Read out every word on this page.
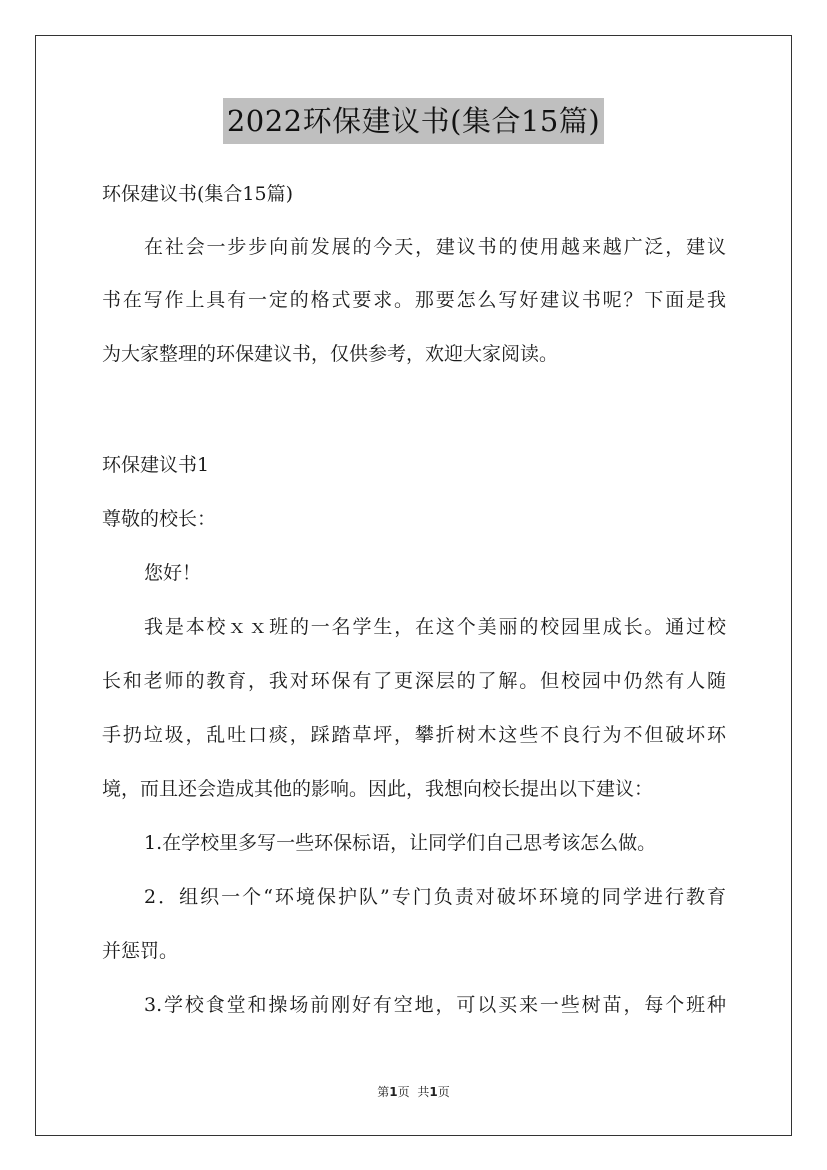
2022环保建议书(集合15篇)
环保建议书(集合15篇)
在社会一步步向前发展的今天，建议书的使用越来越广泛，建议
书在写作上具有一定的格式要求。那要怎么写好建议书呢？下面是我
为大家整理的环保建议书，仅供参考，欢迎大家阅读。
环保建议书1
尊敬的校长：
您好！
我是本校ｘｘ班的一名学生，在这个美丽的校园里成长。通过校
长和老师的教育，我对环保有了更深层的了解。但校园中仍然有人随
手扔垃圾，乱吐口痰，踩踏草坪，攀折树木这些不良行为不但破坏环
境，而且还会造成其他的影响。因此，我想向校长提出以下建议：
1.在学校里多写一些环保标语，让同学们自己思考该怎么做。
2．组织一个“环境保护队”专门负责对破坏环境的同学进行教育
并惩罚。
3.学校食堂和操场前刚好有空地，可以买来一些树苗，每个班种
第1页 共1页
